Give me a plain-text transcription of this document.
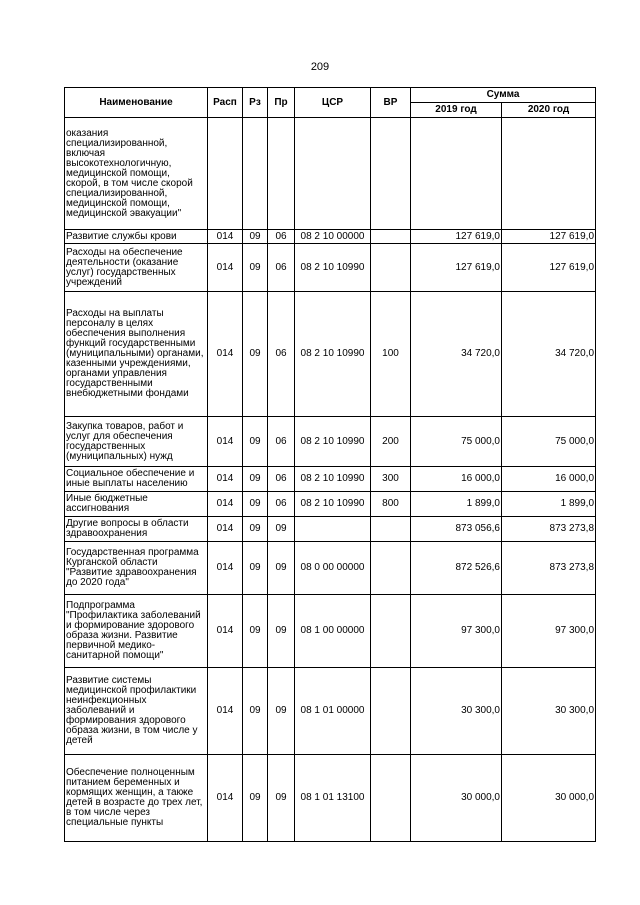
209
Наименование	Расп	Рз	Пр	ЦСР	ВР	Сумма	
						2019 год	2020 год
оказания специализированной, включая высокотехнологичную, медицинской помощи, скорой, в том числе скорой специализированной, медицинской помощи, медицинской эвакуации"							
Развитие службы крови	014	09	06	08 2 10 00000		127 619,0	127 619,0
Расходы на обеспечение деятельности (оказание услуг) государственных учреждений	014	09	06	08 2 10 10990		127 619,0	127 619,0
Расходы на выплаты персоналу в целях обеспечения выполнения функций государственными (муниципальными) органами, казенными учреждениями, органами управления государственными внебюджетными фондами	014	09	06	08 2 10 10990	100	34 720,0	34 720,0
Закупка товаров, работ и услуг для обеспечения государственных (муниципальных) нужд	014	09	06	08 2 10 10990	200	75 000,0	75 000,0
Социальное обеспечение и иные выплаты населению	014	09	06	08 2 10 10990	300	16 000,0	16 000,0
Иные бюджетные ассигнования	014	09	06	08 2 10 10990	800	1 899,0	1 899,0
Другие вопросы в области здравоохранения	014	09	09			873 056,6	873 273,8
Государственная программа Курганской области "Развитие здравоохранения до 2020 года"	014	09	09	08 0 00 00000		872 526,6	873 273,8
Подпрограмма "Профилактика заболеваний и формирование здорового образа жизни. Развитие первичной медико-санитарной помощи"	014	09	09	08 1 00 00000		97 300,0	97 300,0
Развитие системы медицинской профилактики неинфекционных заболеваний и формирования здорового образа жизни, в том числе у детей	014	09	09	08 1 01 00000		30 300,0	30 300,0
Обеспечение полноценным питанием беременных и кормящих женщин, а также детей в возрасте до трех лет, в том числе через специальные пункты	014	09	09	08 1 01 13100		30 000,0	30 000,0
